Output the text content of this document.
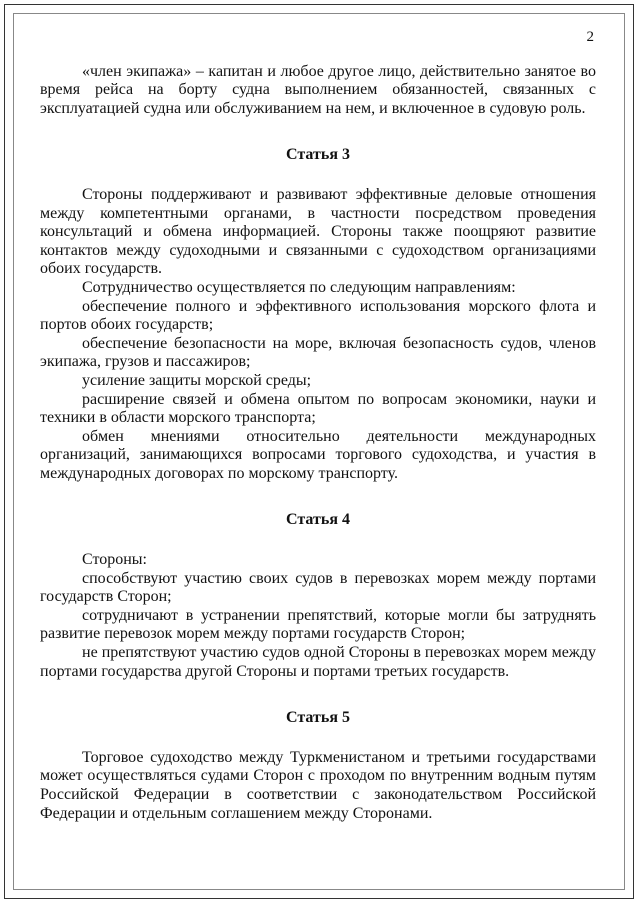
2

«член экипажа» – капитан и любое другое лицо, действительно занятое во время рейса на борту судна выполнением обязанностей, связанных с эксплуатацией судна или обслуживанием на нем, и включенное в судовую роль.

Статья 3

Стороны поддерживают и развивают эффективные деловые отношения между компетентными органами, в частности посредством проведения консультаций и обмена информацией. Стороны также поощряют развитие контактов между судоходными и связанными с судоходством организациями обоих государств.

Сотрудничество осуществляется по следующим направлениям:

обеспечение полного и эффективного использования морского флота и портов обоих государств;

обеспечение безопасности на море, включая безопасность судов, членов экипажа, грузов и пассажиров;

усиление защиты морской среды;

расширение связей и обмена опытом по вопросам экономики, науки и техники в области морского транспорта;

обмен мнениями относительно деятельности международных организаций, занимающихся вопросами торгового судоходства, и участия в международных договорах по морскому транспорту.

Статья 4

Стороны:

способствуют участию своих судов в перевозках морем между портами государств Сторон;

сотрудничают в устранении препятствий, которые могли бы затруднять развитие перевозок морем между портами государств Сторон;

не препятствуют участию судов одной Стороны в перевозках морем между портами государства другой Стороны и портами третьих государств.

Статья 5

Торговое судоходство между Туркменистаном и третьими государствами может осуществляться судами Сторон с проходом по внутренним водным путям Российской Федерации в соответствии с законодательством Российской Федерации и отдельным соглашением между Сторонами.
